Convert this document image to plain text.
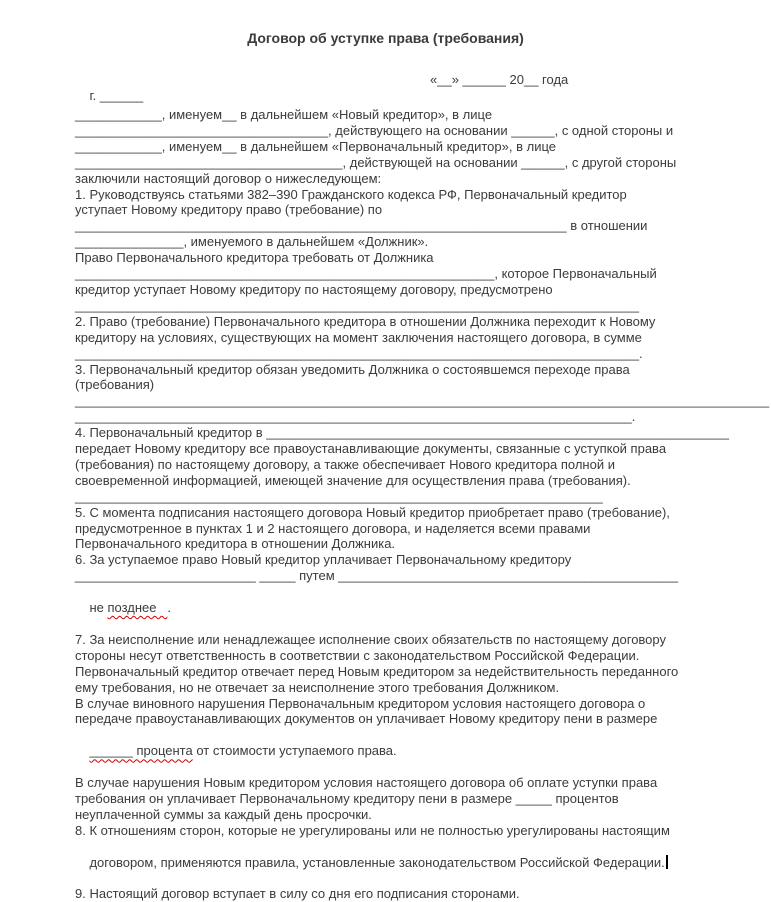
Договор об уступке права (требования)

г. ______

«__» ______ 20__ года

____________, именуем__ в дальнейшем «Новый кредитор», в лице
___________________________________, действующего на основании ______, с одной стороны и
____________, именуем__ в дальнейшем «Первоначальный кредитор», в лице
_____________________________________, действующей на основании ______, с другой стороны
заключили настоящий договор о нижеследующем:
1. Руководствуясь статьями 382–390 Гражданского кодекса РФ, Первоначальный кредитор
уступает Новому кредитору право (требование) по
____________________________________________________________________ в отношении
_______________, именуемого в дальнейшем «Должник».
Право Первоначального кредитора требовать от Должника
__________________________________________________________, которое Первоначальный
кредитор уступает Новому кредитору по настоящему договору, предусмотрено
______________________________________________________________________________
2. Право (требование) Первоначального кредитора в отношении Должника переходит к Новому
кредитору на условиях, существующих на момент заключения настоящего договора, в сумме
______________________________________________________________________________.
3. Первоначальный кредитор обязан уведомить Должника о состоявшемся переходе права
(требования)
________________________________________________________________________________________________
_____________________________________________________________________________.
4. Первоначальный кредитор в ________________________________________________________________
передает Новому кредитору все правоустанавливающие документы, связанные с уступкой права
(требования) по настоящему договору, а также обеспечивает Нового кредитора полной и
своевременной информацией, имеющей значение для осуществления права (требования).
_________________________________________________________________________
5. С момента подписания настоящего договора Новый кредитор приобретает право (требование),
предусмотренное в пунктах 1 и 2 настоящего договора, и наделяется всеми правами
Первоначального кредитора в отношении Должника.
6. За уступаемое право Новый кредитор уплачивает Первоначальному кредитору
_________________________ _____ путем _______________________________________________

не позднее   .

7. За неисполнение или ненадлежащее исполнение своих обязательств по настоящему договору
стороны несут ответственность в соответствии с законодательством Российской Федерации.
Первоначальный кредитор отвечает перед Новым кредитором за недействительность переданного
ему требования, но не отвечает за неисполнение этого требования Должником.
В случае виновного нарушения Первоначальным кредитором условия настоящего договора о
передаче правоустанавливающих документов он уплачивает Новому кредитору пени в размере

______ процента от стоимости уступаемого права.

В случае нарушения Новым кредитором условия настоящего договора об оплате уступки права
требования он уплачивает Первоначальному кредитору пени в размере _____ процентов
неуплаченной суммы за каждый день просрочки.
8. К отношениям сторон, которые не урегулированы или не полностью урегулированы настоящим

договором, применяются правила, установленные законодательством Российской Федерации.

9. Настоящий договор вступает в силу со дня его подписания сторонами.
